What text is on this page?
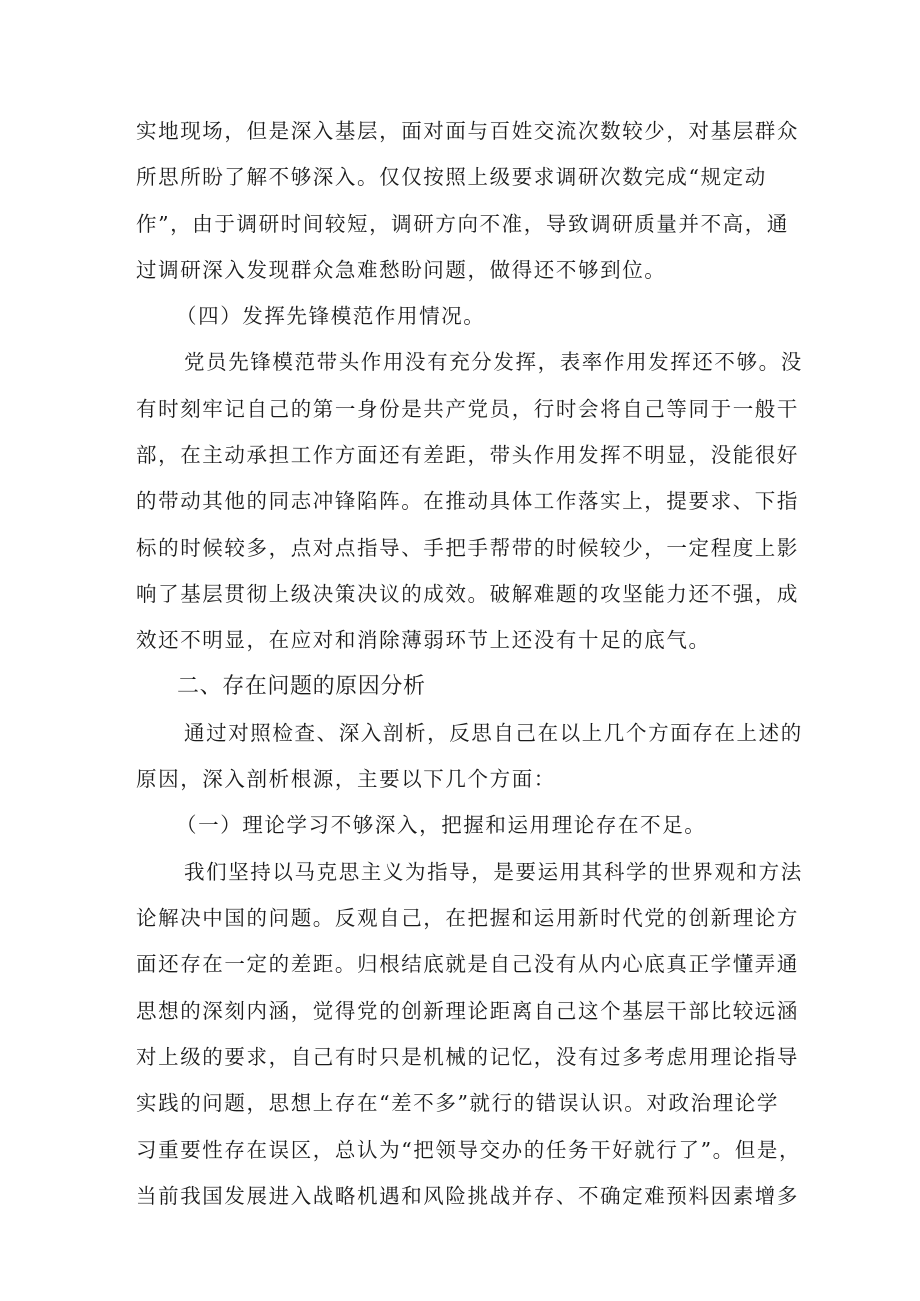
实地现场，但是深入基层，面对面与百姓交流次数较少，对基层群众
所思所盼了解不够深入。仅仅按照上级要求调研次数完成“规定动
作”，由于调研时间较短，调研方向不准，导致调研质量并不高，通
过调研深入发现群众急难愁盼问题，做得还不够到位。
（四）发挥先锋模范作用情况。
党员先锋模范带头作用没有充分发挥，表率作用发挥还不够。没
有时刻牢记自己的第一身份是共产党员，行时会将自己等同于一般干
部，在主动承担工作方面还有差距，带头作用发挥不明显，没能很好
的带动其他的同志冲锋陷阵。在推动具体工作落实上，提要求、下指
标的时候较多，点对点指导、手把手帮带的时候较少，一定程度上影
响了基层贯彻上级决策决议的成效。破解难题的攻坚能力还不强，成
效还不明显，在应对和消除薄弱环节上还没有十足的底气。
二、存在问题的原因分析
通过对照检查、深入剖析，反思自己在以上几个方面存在上述的
原因，深入剖析根源，主要以下几个方面：
（一）理论学习不够深入，把握和运用理论存在不足。
我们坚持以马克思主义为指导，是要运用其科学的世界观和方法
论解决中国的问题。反观自己，在把握和运用新时代党的创新理论方
面还存在一定的差距。归根结底就是自己没有从内心底真正学懂弄通
思想的深刻内涵，觉得党的创新理论距离自己这个基层干部比较远涵
对上级的要求，自己有时只是机械的记忆，没有过多考虑用理论指导
实践的问题，思想上存在“差不多”就行的错误认识。对政治理论学
习重要性存在误区，总认为“把领导交办的任务干好就行了”。但是，
当前我国发展进入战略机遇和风险挑战并存、不确定难预料因素增多
